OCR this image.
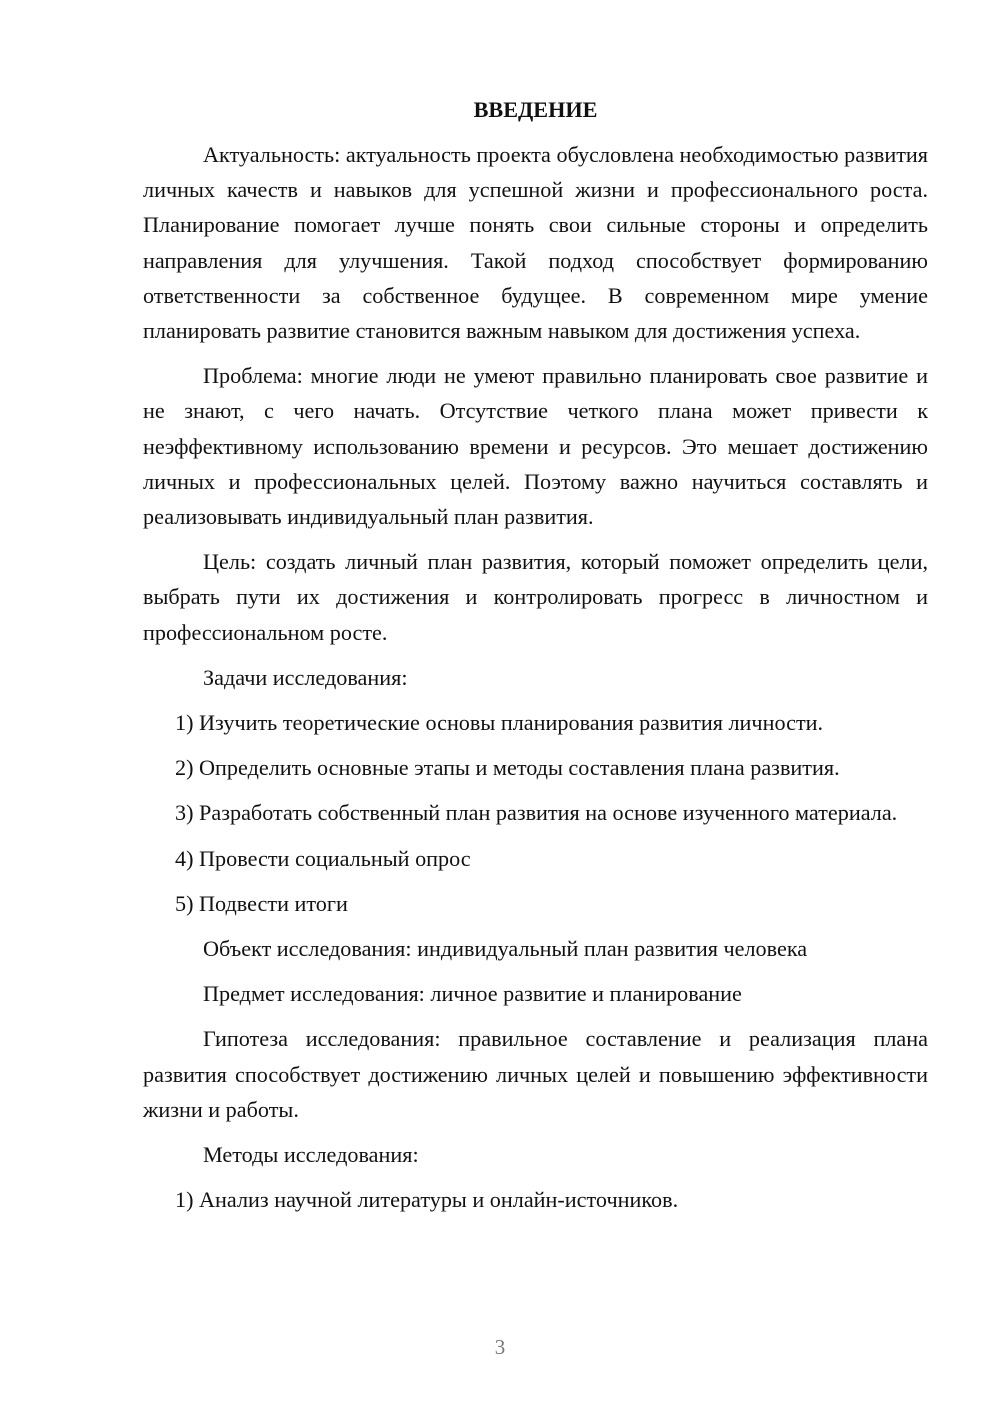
ВВЕДЕНИЕ

Актуальность: актуальность проекта обусловлена необходимостью развития личных качеств и навыков для успешной жизни и профессионального роста. Планирование помогает лучше понять свои сильные стороны и определить направления для улучшения. Такой подход способствует формированию ответственности за собственное будущее. В современном мире умение планировать развитие становится важным навыком для достижения успеха.

Проблема: многие люди не умеют правильно планировать свое развитие и не знают, с чего начать. Отсутствие четкого плана может привести к неэффективному использованию времени и ресурсов. Это мешает достижению личных и профессиональных целей. Поэтому важно научиться составлять и реализовывать индивидуальный план развития.

Цель: создать личный план развития, который поможет определить цели, выбрать пути их достижения и контролировать прогресс в личностном и профессиональном росте.

Задачи исследования:

1) Изучить теоретические основы планирования развития личности.

2) Определить основные этапы и методы составления плана развития.

3) Разработать собственный план развития на основе изученного материала.

4) Провести социальный опрос

5) Подвести итоги

Объект исследования: индивидуальный план развития человека

Предмет исследования: личное развитие и планирование

Гипотеза исследования: правильное составление и реализация плана развития способствует достижению личных целей и повышению эффективности жизни и работы.

Методы исследования:

1) Анализ научной литературы и онлайн-источников.

3
